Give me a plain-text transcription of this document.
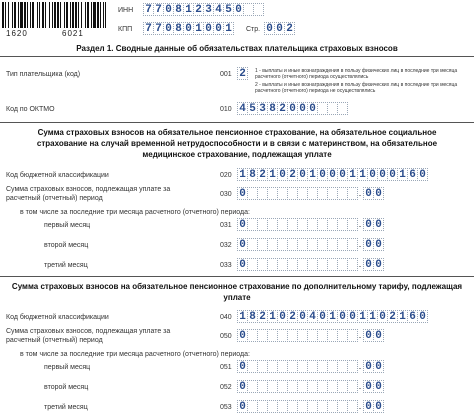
1620	6021
ИНН 7 7 0 8 1 2 3 4 5 0
КПП 7 7 0 8 0 1 0 0 1	Стр. 0 0 2
Раздел 1. Сводные данные об обязательствах плательщика страховых взносов
Тип плательщика (код)	001 2	1 - выплаты и иные вознаграждения в пользу физических лиц в последние три месяца расчетного (отчетного) периода осуществлялись
2 - выплаты и иные вознаграждения в пользу физических лиц в последние три месяца расчетного (отчетного) периода не осуществлялись
Код по ОКТМО	010 4 5 3 8 2 0 0 0
Сумма страховых взносов на обязательное пенсионное страхование, на обязательное социальное
страхование на случай временной нетрудоспособности и в связи с материнством, на обязательное
медицинское страхование, подлежащая уплате
Код бюджетной классификации	020 1 8 2 1 0 2 0 1 0 0 0 1 1 0 0 0 1 6 0
Сумма страховых взносов, подлежащая уплате за
расчетный (отчетный) период
030 0	. 0 0
в том числе за последние три месяца расчетного (отчетного) периода:
первый месяц	031 0	. 0 0
второй месяц	032 0	. 0 0
третий месяц	033 0	. 0 0
Сумма страховых взносов на обязательное пенсионное страхование по дополнительному тарифу, подлежащая
уплате
Код бюджетной классификации	040 1 8 2 1 0 2 0 4 0 1 0 0 1 1 0 2 1 6 0
Сумма страховых взносов, подлежащая уплате за
расчетный (отчетный) период
050 0	. 0 0
в том числе за последние три месяца расчетного (отчетного) периода:
первый месяц	051 0	. 0 0
второй месяц	052 0	. 0 0
третий месяц	053 0	. 0 0
